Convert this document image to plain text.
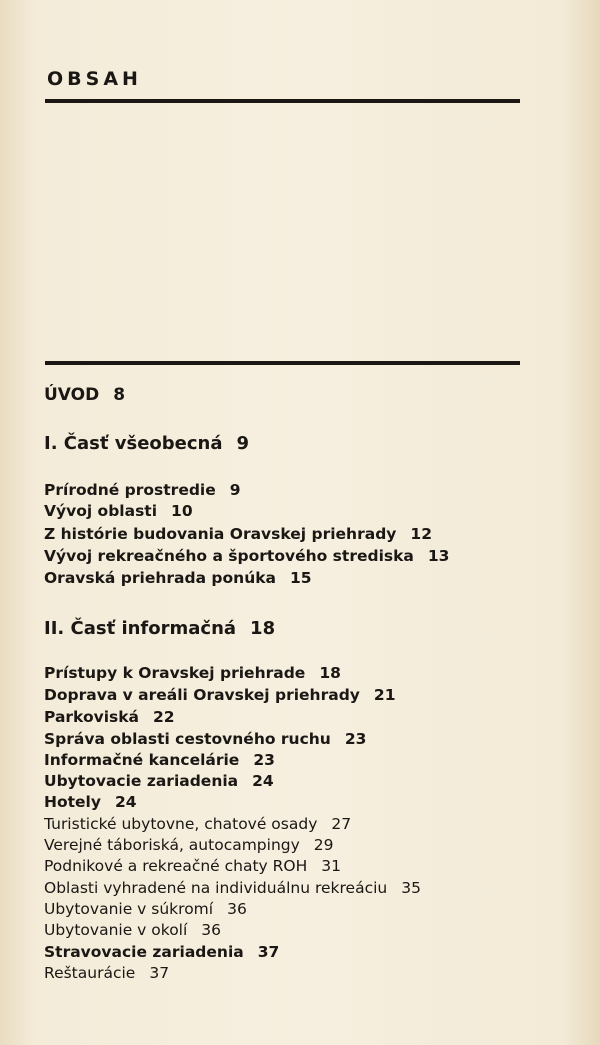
OBSAH
ÚVOD 8
I. Časť všeobecná 9
Prírodné prostredie 9
Vývoj oblasti 10
Z histórie budovania Oravskej priehrady 12
Vývoj rekreačného a športového strediska 13
Oravská priehrada ponúka 15
II. Časť informačná 18
Prístupy k Oravskej priehrade 18
Doprava v areáli Oravskej priehrady 21
Parkoviská 22
Správa oblasti cestovného ruchu 23
Informačné kancelárie 23
Ubytovacie zariadenia 24
Hotely 24
Turistické ubytovne, chatové osady 27
Verejné táboriská, autocampingy 29
Podnikové a rekreačné chaty ROH 31
Oblasti vyhradené na individuálnu rekreáciu 35
Ubytovanie v súkromí 36
Ubytovanie v okolí 36
Stravovacie zariadenia 37
Reštaurácie 37
